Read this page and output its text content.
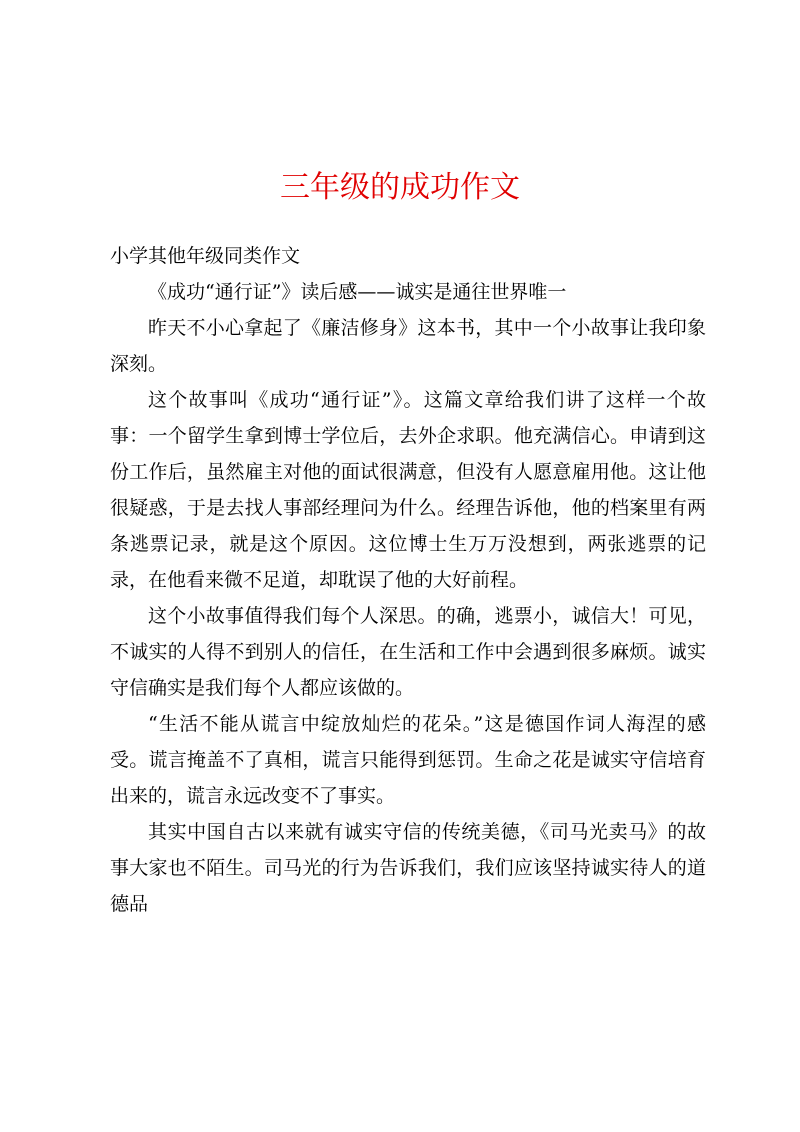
三年级的成功作文

小学其他年级同类作文

《成功“通行证”》读后感——诚实是通往世界唯一

昨天不小心拿起了《廉洁修身》这本书，其中一个小故事让我印象深刻。

这个故事叫《成功“通行证”》。这篇文章给我们讲了这样一个故事：一个留学生拿到博士学位后，去外企求职。他充满信心。申请到这份工作后，虽然雇主对他的面试很满意，但没有人愿意雇用他。这让他很疑惑，于是去找人事部经理问为什么。经理告诉他，他的档案里有两条逃票记录，就是这个原因。这位博士生万万没想到，两张逃票的记录，在他看来微不足道，却耽误了他的大好前程。

这个小故事值得我们每个人深思。的确，逃票小，诚信大！可见，不诚实的人得不到别人的信任，在生活和工作中会遇到很多麻烦。诚实守信确实是我们每个人都应该做的。

“生活不能从谎言中绽放灿烂的花朵。”这是德国作词人海涅的感受。谎言掩盖不了真相，谎言只能得到惩罚。生命之花是诚实守信培育出来的，谎言永远改变不了事实。

其实中国自古以来就有诚实守信的传统美德，《司马光卖马》的故事大家也不陌生。司马光的行为告诉我们，我们应该坚持诚实待人的道德品
